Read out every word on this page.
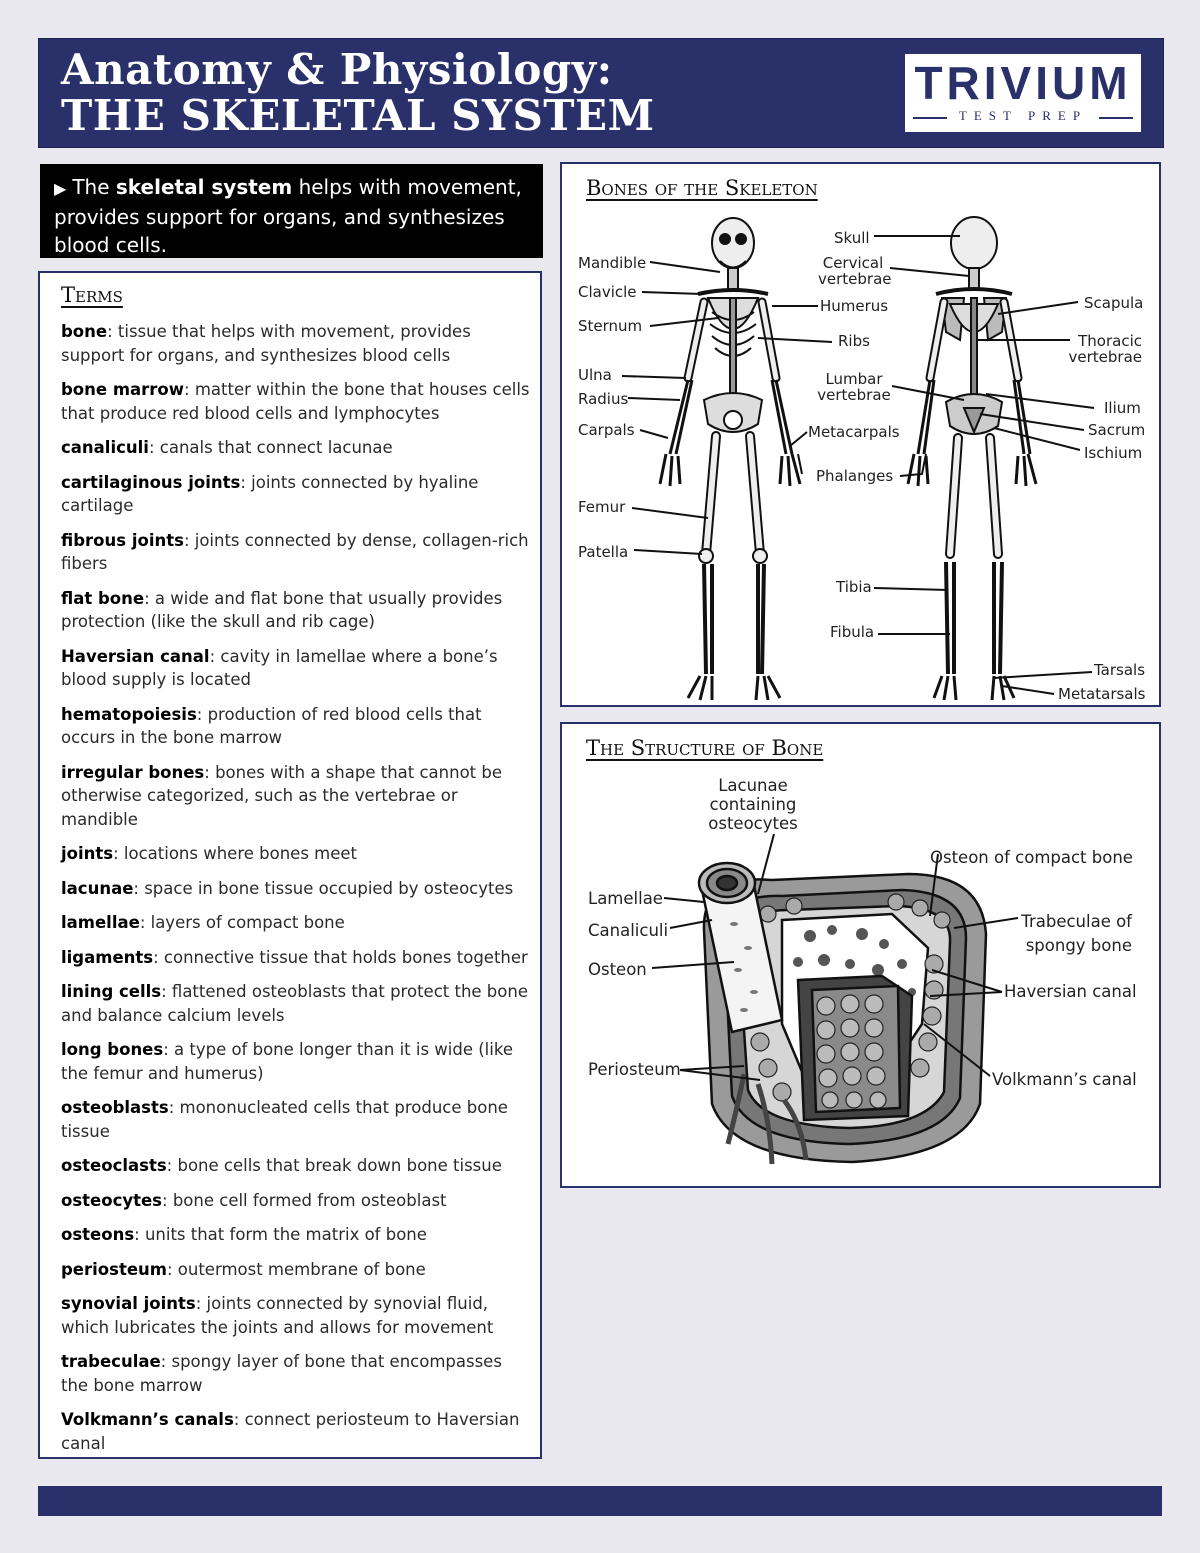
Anatomy & Physiology:
THE SKELETAL SYSTEM
TRIVIUM
TEST PREP
▶ The skeletal system helps with movement, provides support for organs, and synthesizes blood cells.
Terms
bone: tissue that helps with movement, provides support for organs, and synthesizes blood cells
bone marrow: matter within the bone that houses cells that produce red blood cells and lymphocytes
canaliculi: canals that connect lacunae
cartilaginous joints: joints connected by hyaline cartilage
fibrous joints: joints connected by dense, collagen-rich fibers
flat bone: a wide and flat bone that usually provides protection (like the skull and rib cage)
Haversian canal: cavity in lamellae where a bone’s blood supply is located
hematopoiesis: production of red blood cells that occurs in the bone marrow
irregular bones: bones with a shape that cannot be otherwise categorized, such as the vertebrae or mandible
joints: locations where bones meet
lacunae: space in bone tissue occupied by osteocytes
lamellae: layers of compact bone
ligaments: connective tissue that holds bones together
lining cells: flattened osteoblasts that protect the bone and balance calcium levels
long bones: a type of bone longer than it is wide (like the femur and humerus)
osteoblasts: mononucleated cells that produce bone tissue
osteoclasts: bone cells that break down bone tissue
osteocytes: bone cell formed from osteoblast
osteons: units that form the matrix of bone
periosteum: outermost membrane of bone
synovial joints: joints connected by synovial fluid, which lubricates the joints and allows for movement
trabeculae: spongy layer of bone that encompasses the bone marrow
Volkmann’s canals: connect periosteum to Haversian canal
Bones of the Skeleton
Skull
Cervical vertebrae
Mandible
Clavicle
Humerus	Scapula
Sternum
Ribs	Thoracic vertebrae
Ulna
Radius
Lumbar vertebrae
Ilium
Carpals	Metacarpals	Sacrum
Ischium
Phalanges
Femur
Patella
Tibia
Fibula
Tarsals
Metatarsals
The Structure of Bone
Lacunae containing osteocytes
Osteon of compact bone
Lamellae
Canaliculi	Trabeculae of spongy bone
Osteon
Haversian canal
Periosteum
Volkmann’s canal
